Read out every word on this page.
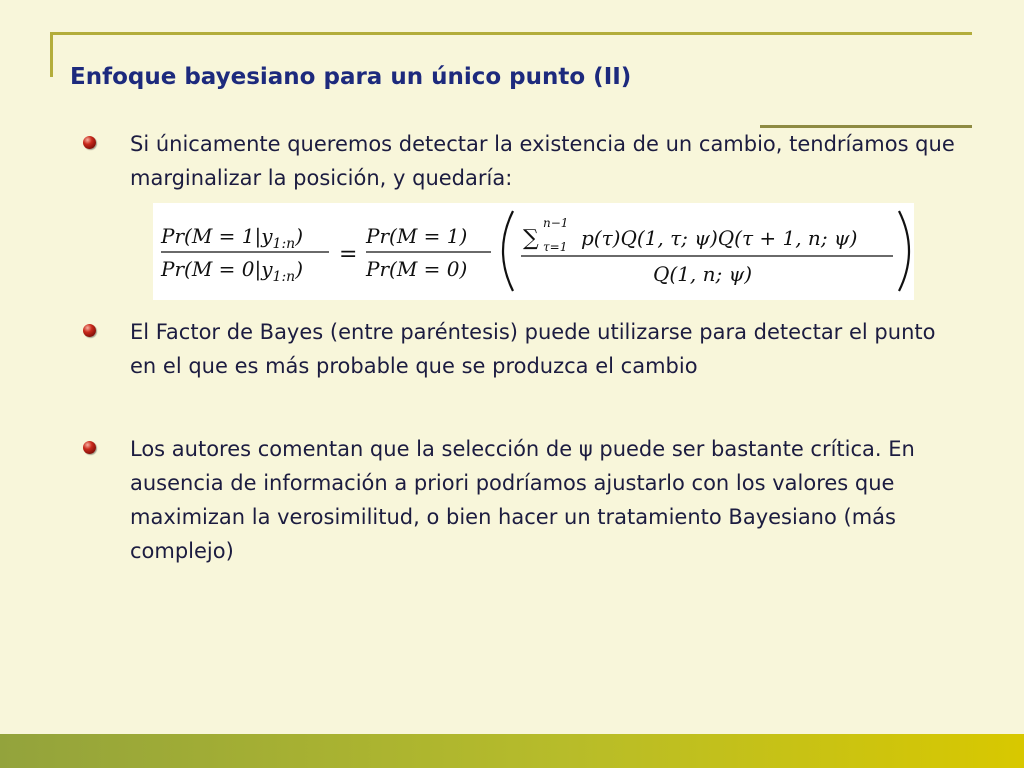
Enfoque bayesiano para un único punto (II)
Si únicamente queremos detectar la existencia de un cambio, tendríamos que marginalizar la posición, y quedaría:
$Pr(M = 1|y_{1:n})$
$Pr(M = 0|y_{1:n})$
=
Pr(M = 1)
Pr(M = 0)
∑
n−1
τ=1 p(τ)Q(1, τ; ψ)Q(τ + 1, n; ψ)
Q(1, n; ψ)
El Factor de Bayes (entre paréntesis) puede utilizarse para detectar el punto en el que es más probable que se produzca el cambio
Los autores comentan que la selección de ψ puede ser bastante crítica. En ausencia de información a priori podríamos ajustarlo con los valores que maximizan la verosimilitud, o bien hacer un tratamiento Bayesiano (más complejo)
